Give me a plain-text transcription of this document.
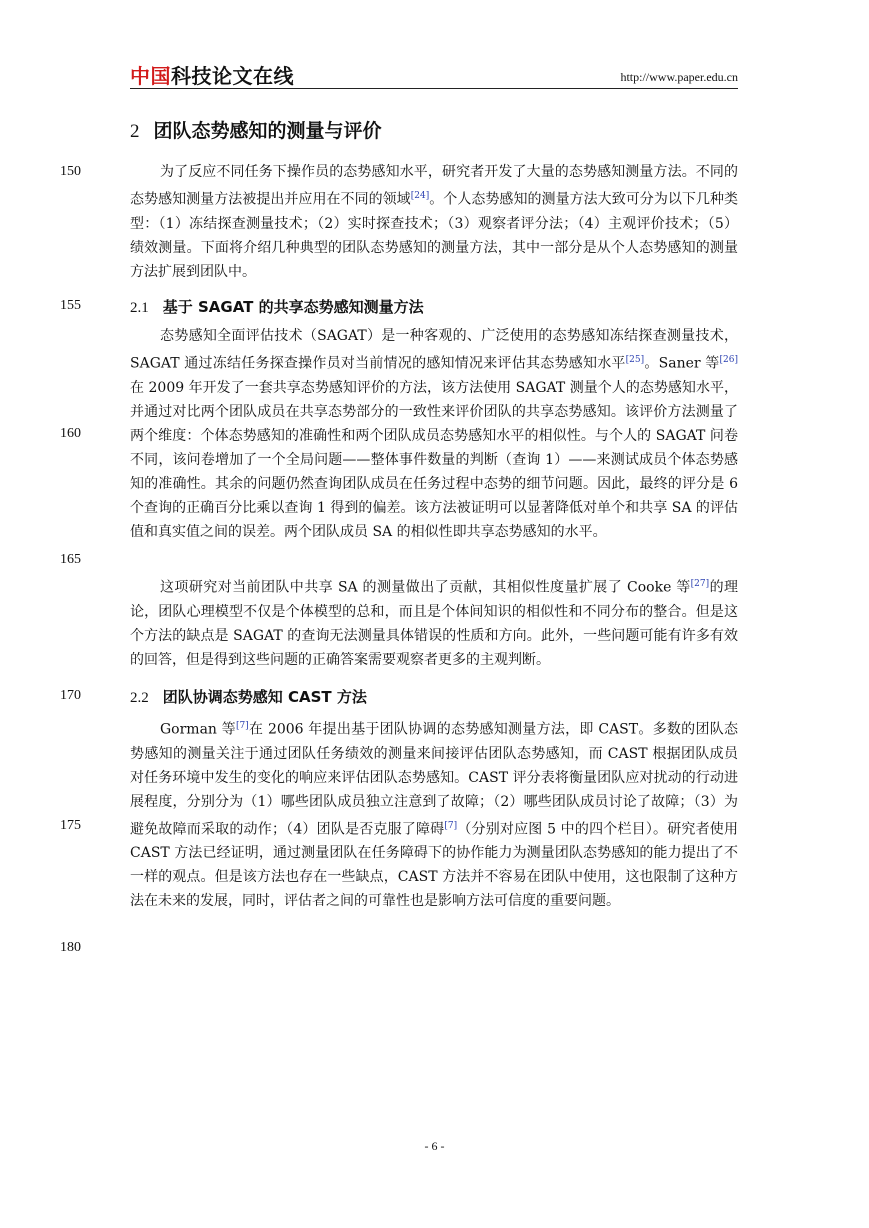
中国科技论文在线	http://www.paper.edu.cn
2 团队态势感知的测量与评价
150
155
160
165
170
175
180
为了反应不同任务下操作员的态势感知水平，研究者开发了大量的态势感知测量方法。不同的态势感知测量方法被提出并应用在不同的领域[24]。个人态势感知的测量方法大致可分为以下几种类型：（1）冻结探查测量技术；（2）实时探查技术；（3）观察者评分法；（4）主观评价技术；（5）绩效测量。下面将介绍几种典型的团队态势感知的测量方法，其中一部分是从个人态势感知的测量方法扩展到团队中。
2.1 基于 SAGAT 的共享态势感知测量方法
态势感知全面评估技术（SAGAT）是一种客观的、广泛使用的态势感知冻结探查测量技术，SAGAT 通过冻结任务探查操作员对当前情况的感知情况来评估其态势感知水平[25]。Saner 等[26]在 2009 年开发了一套共享态势感知评价的方法，该方法使用 SAGAT 测量个人的态势感知水平，并通过对比两个团队成员在共享态势部分的一致性来评价团队的共享态势感知。该评价方法测量了两个维度：个体态势感知的准确性和两个团队成员态势感知水平的相似性。与个人的 SAGAT 问卷不同，该问卷增加了一个全局问题——整体事件数量的判断（查询 1）——来测试成员个体态势感知的准确性。其余的问题仍然查询团队成员在任务过程中态势的细节问题。因此，最终的评分是 6 个查询的正确百分比乘以查询 1 得到的偏差。该方法被证明可以显著降低对单个和共享 SA 的评估值和真实值之间的误差。两个团队成员 SA 的相似性即共享态势感知的水平。
这项研究对当前团队中共享 SA 的测量做出了贡献，其相似性度量扩展了 Cooke 等[27]的理论，团队心理模型不仅是个体模型的总和，而且是个体间知识的相似性和不同分布的整合。但是这个方法的缺点是 SAGAT 的查询无法测量具体错误的性质和方向。此外，一些问题可能有许多有效的回答，但是得到这些问题的正确答案需要观察者更多的主观判断。
2.2 团队协调态势感知 CAST 方法
Gorman 等[7]在 2006 年提出基于团队协调的态势感知测量方法，即 CAST。多数的团队态势感知的测量关注于通过团队任务绩效的测量来间接评估团队态势感知，而 CAST 根据团队成员对任务环境中发生的变化的响应来评估团队态势感知。CAST 评分表将衡量团队应对扰动的行动进展程度，分别分为（1）哪些团队成员独立注意到了故障；（2）哪些团队成员讨论了故障；（3）为避免故障而采取的动作；（4）团队是否克服了障碍[7]（分别对应图 5 中的四个栏目）。研究者使用 CAST 方法已经证明，通过测量团队在任务障碍下的协作能力为测量团队态势感知的能力提出了不一样的观点。但是该方法也存在一些缺点，CAST 方法并不容易在团队中使用，这也限制了这种方法在未来的发展，同时，评估者之间的可靠性也是影响方法可信度的重要问题。
- 6 -
